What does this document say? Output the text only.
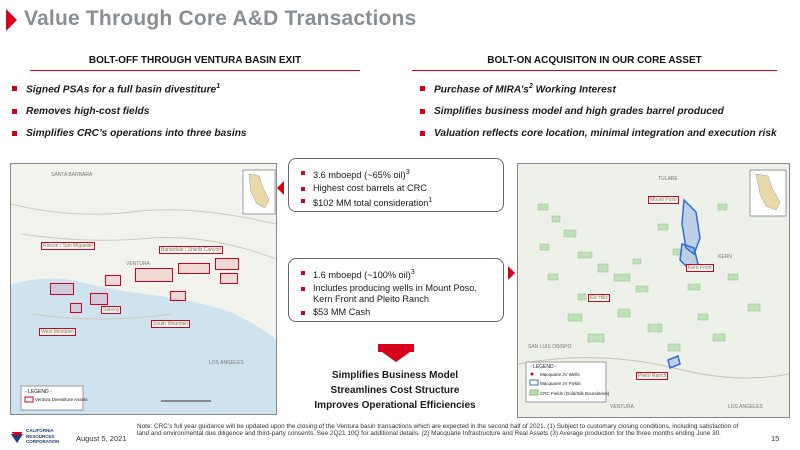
Value Through Core A&D Transactions
BOLT-OFF THROUGH VENTURA BASIN EXIT
Signed PSAs for a full basin divestiture$^1$
Removes high-cost fields
Simplifies CRC’s operations into three basins
BOLT-ON ACQUISITON IN OUR CORE ASSET
Purchase of $MIRA’s^2$ Working Interest
Simplifies business model and high grades barrel produced
Valuation reflects core location, minimal integration and execution risk
SANTA BARBARA
VENTURA
LOS ANGELES
Rincon / San Miguelito
Bardsdale / Shiells Canyon
Saticoy
South Mountain
West Montalvo
- LEGEND -
Ventura Divestiture Assets
3.6 mboepd (~65% oil)$^3$
Highest cost barrels at CRC
$102 MM total consideration$^1$
1.6 mboepd (~100% oil)$^3$
Includes producing wells in Mount Poso, Kern Front and Pleito Ranch
$53 MM Cash
Simplifies Business Model
Streamlines Cost Structure
Improves Operational Efficiencies
TULARE
KERN
SAN LUIS OBISPO
VENTURA	LOS ANGELES
Mount Poso
Kern Front
Elk Hills
Pleito Ranch
- LEGEND -
Macquarie JV Wells
Macquarie JV Fields
CRC Fields (Gold/Silk Boundaries)
CALIFORNIA
RESOURCES
CORPORATION August 5, 2021
Note: CRC’s full year guidance will be updated upon the closing of the Ventura basin transactions which are expected in the second half of 2021. (1) Subject to customary closing conditions, including satisfaction of land and environmental due diligence and third-party consents. See 2Q21 10Q for additional details. (2) Macquarie Infrastructure and Real Assets (3) Average production for the three months ending June 30.
15
